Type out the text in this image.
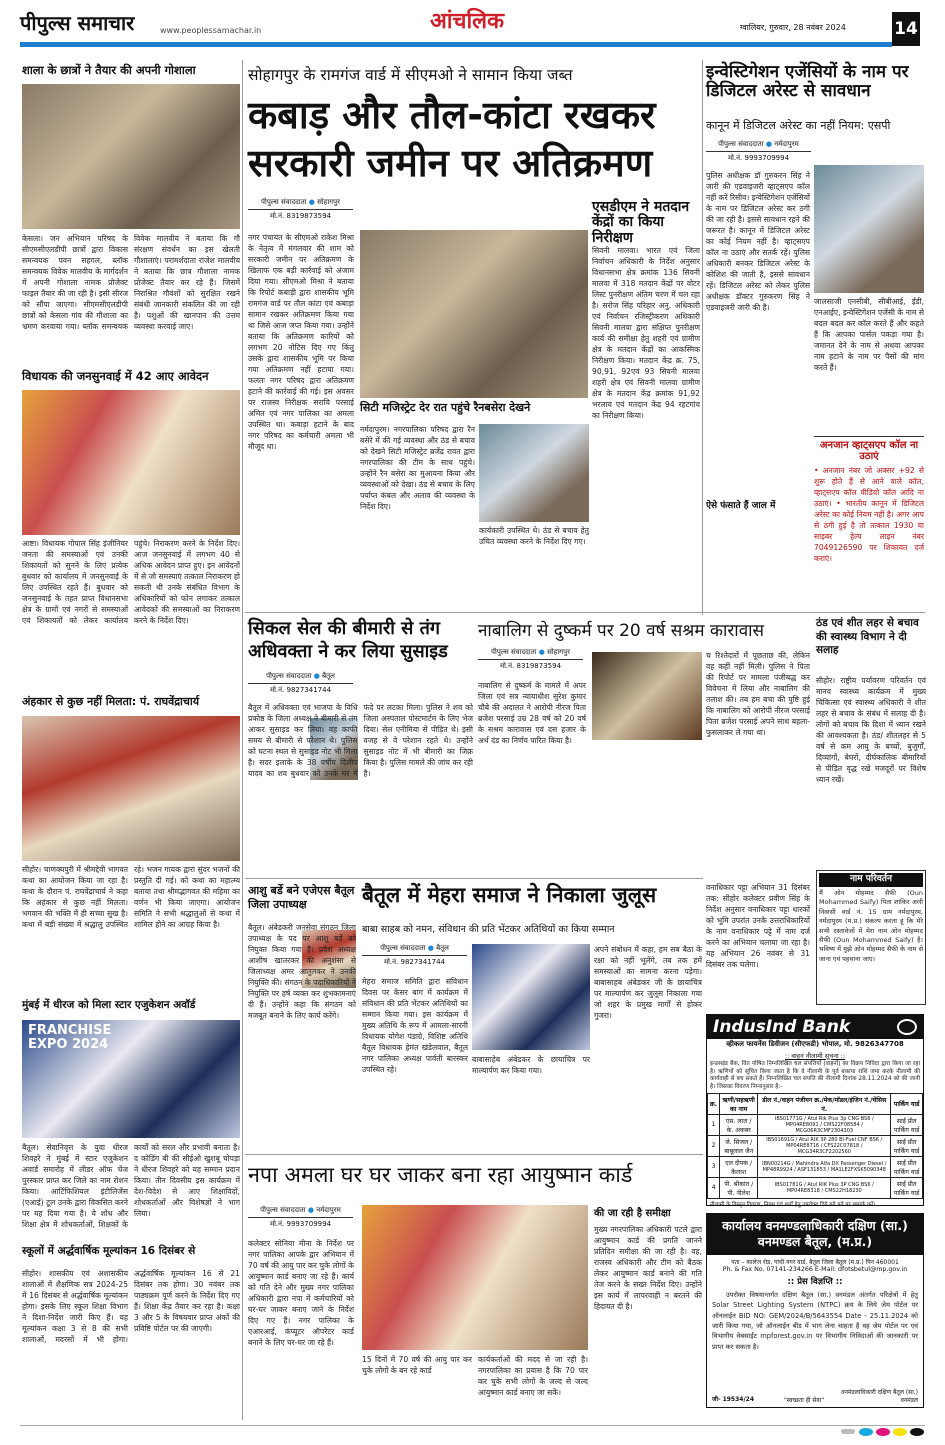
पीपुल्स समाचार	www.peoplessamachar.in	आंचलिक	ग्वालियर, गुरुवार, 28 नवंबर 2024	14
शाला के छात्रों ने तैयार की अपनी गोशाला
केसला। जन अभियान परिषद के सीएमसीएलडीपी छात्रों द्वारा विकास समन्वयक पवन सहगल, ब्लॉक समन्वयक विवेक मालवीय के मार्गदर्शन में अपनी गोशाला नामक प्रोजेक्ट फाइल तैयार की जा रही है। इसी सीरज को सौंपा जाएगा। सीएमसीएलडीपी छात्रों को केसला गांव की गौशाला का भ्रमण करवाया गया। ब्लॉक समन्वयक विवेक मालवीय ने बताया कि गौ संरक्षण संवर्धन का इस खेलती गौशालाएं। परामर्शदाता राजेश मालवीय ने बताया कि छात्र गौशाला नामक प्रोजेक्ट तैयार कर रहे हैं। जिसमें निराश्रित गौवंशों को सुरक्षित रखने संबंधी जानकारी संकलित की जा रही है। पशुओं की खानपान की उत्तम व्यवस्था करवाई जाए।
विधायक की जनसुनवाई में 42 आए आवेदन
आष्टा। विधायक गोपाल सिंह इंजीनियर जनता की समस्याओं एवं उनकी शिकायतों को सुनने के लिए प्रत्येक बुधवार को कार्यालय में जनसुनवाई के लिए उपस्थित रहते हैं। बुधवार को जनसुनवाई के तहत प्राप्त विधानसभा क्षेत्र के ग्रामों एवं नगरों से समस्याओं एवं शिकायतों को लेकर कार्यालय पहुंचे। निराकरण करने के निर्देश दिए। आज जनसुनवाई में लगभग 40 से अधिक आवेदन प्राप्त हुए। इन आवेदनों में से जो समस्याएं तत्काल निराकरण हो सकती थी उनके संबंधित विभाग के अधिकारियों को फोन लगाकर तत्काल आवेदकों की समस्याओं का निराकरण करने के निर्देश दिए।
अंहकार से कुछ नहीं मिलता: पं. राघवेंद्राचार्य
सीहोर। चाणक्यपुरी में श्रीमद्देवी भागवत कथा का आयोजन किया जा रहा है। कथा के दौरान पं. राघवेंद्राचार्य ने कहा कि अहंकार से कुछ नहीं मिलता। भगवान की भक्ति में ही सच्चा सुख है। कथा में बड़ी संख्या में श्रद्धालु उपस्थित रहे। भजन गायक द्वारा सुंदर भजनों की प्रस्तुति दी गई। को कथा का महात्म्य बताया तथा श्रीमद्भागवत की महिमा का वर्णन भी किया जाएगा। आयोजन समिति ने सभी श्रद्धालुओं से कथा में शामिल होने का आग्रह किया है।
मुंबई में धीरज को मिला स्टार एजुकेशन अवॉर्ड
FRANCHISE EXPO 2024
बैतूल। सेवानिवृत्त के युवा धीरज शिवहरे ने मुंबई में स्टार एजुकेशन अवार्ड समारोह में लीडर ऑफ चेंज पुरस्कार प्राप्त कर जिले का नाम रोशन किया। आर्टिफिशियल इंटीलिजेंस (एआई) टूल उनके द्वारा विकसित करने पर यह दिया गया है। ये शोध और शिक्षा क्षेत्र में शोधकर्ताओं, शिक्षकों के कार्यों को सरल और प्रभावी बनाता है। द कोडिंग बी की सीईओ खुशबू चोपड़ा ने धीरज शिवहरे को यह सम्मान प्रदान किया। तीन दिवसीय इस कार्यक्रम में देश-विदेश से आए शिक्षाविदों, शोधकर्ताओं और विशेषज्ञों ने भाग लिया।
स्कूलों में अर्द्धवार्षिक मूल्यांकन 16 दिसंबर से
सीहोर। शासकीय एवं अशासकीय शालाओं में शैक्षणिक सत्र 2024-25 में 16 दिसंबर से अर्द्धवार्षिक मूल्यांकन होगा। इसके लिए स्कूल शिक्षा विभाग ने दिशा-निर्देश जारी किए हैं। यह मूल्यांकन कक्षा 3 से 8 की सभी शालाओं, मदरसों में भी होगा। अर्द्धवार्षिक मूल्यांकन 16 से 21 दिसंबर तक होगा। 30 नवंबर तक पाठ्यक्रम पूर्ण करने के निर्देश दिए गए हैं। शिक्षा केंद्र तैयार कर रहा है। कक्षा 3 और 5 के विषयवार प्राप्त अंकों की प्रविष्टि पोर्टल पर की जाएगी।
सोहागपुर के रामगंज वार्ड में सीएमओ ने सामान किया जब्त
कबाड़ और तौल-कांटा रखकर सरकारी जमीन पर अतिक्रमण
पीपुल्स संवाददाता ● सोहागपुर
मो.नं. 8319873594
नगर पंचायत के सीएमओ राकेश मिश्रा के नेतृत्व में मंगलवार की शाम को सरकारी जमीन पर अतिक्रमण के खिलाफ एक बड़ी कार्रवाई को अंजाम दिया गया। सीएमओ मिश्रा ने बताया कि रिपोर्ट कबाड़ी द्वारा शासकीय भूमि रामगंज वार्ड पर तौल कांटा एवं कबाड़ा सामान रखकर अतिक्रमण किया गया था जिसे आज जप्त किया गया। उन्होंने बताया कि अतिक्रमण कारियों को लगभग 20 नोटिस दिए गए किंतु उसके द्वारा शासकीय भूमि पर किया गया अतिक्रमण नहीं हटाया गया। फलतः नगर परिषद द्वारा अतिक्रमण हटाने की कार्रवाई की गई। इस अवसर पर राजस्व निरीक्षक सरायि परसाई अमित एवं नगर पालिका का अमला उपस्थित था। कबाड़ा हटाने के बाद नगर परिषद का कर्मचारी अमला भी मौजूद था।
एसडीएम ने मतदान केंद्रों का किया निरीक्षण
सिवनी मालवा। भारत एवं जिला निर्वाचन अधिकारी के निर्देश अनुसार विधानसभा क्षेत्र क्रमांक 136 सिवनी मालवा में 318 मतदान केंद्रों पर वोटर लिस्ट पुनरीक्षण अंतिम चरण में चल रहा है। सरोज सिंह परिहार अनु. अधिकारी एवं निर्वाचन रजिस्ट्रीकरण अधिकारी सिवनी मालवा द्वारा संक्षिप्त पुनरीक्षण कार्य की समीक्षा हेतु शहरी एवं ग्रामीण क्षेत्र के मतदान केंद्रों का आकस्मिक निरीक्षण किया। मतदान केंद्र क्र. 75, 90,91, 92एवं 93 सिवनी मालवा शहरी क्षेत्र एवं सिवनी मालवा ग्रामीण क्षेत्र के मतदान केंद्र क्रमांक 91,92 भरलाय एवं मतदान केंद्र 94 रहटगांव का निरीक्षण किया।
सिटी मजिस्ट्रेट देर रात पहुंचे रैनबसेरा देखने
नर्मदापुरम। नगरपालिका परिषद द्वारा रैन बसेरे में की गई व्यवस्था और ठंड से बचाव को देखने सिटी मजिस्ट्रेट ब्रजेंद्र रावत द्वारा नगरपालिका की टीम के साथ पहुंचे। उन्होंने रैन बसेरा का मुआयना किया और व्यवस्थाओं को देखा। ठंड से बचाव के लिए पर्याप्त कंबल और अलाव की व्यवस्था के निर्देश दिए।
कार्यकारी उपस्थित थे। ठंड से बचाव हेतु उचित व्यवस्था करने के निर्देश दिए गए।
इन्वेस्टिगेशन एजेंसियों के नाम पर डिजिटल अरेस्ट से सावधान
कानून में डिजिटल अरेस्ट का नहीं नियम: एसपी
पीपुल्स संवाददाता ● नर्मदापुरम
मो.नं. 9993709994
पुलिस अधीक्षक डॉ गुरुकरन सिंह ने जारी की एडवाइजरी व्हाट्सएप कॉल नहीं करें रिसीव। इन्वेस्टिगेशन एजेंसियों के नाम पर डिजिटल अरेस्ट कर ठगी की जा रही है। इससे सावधान रहने की जरूरत है। कानून में डिजिटल अरेस्ट का कोई नियम नहीं है। व्हाट्सएप कॉल ना उठाएं और सतर्क रहें। पुलिस अधिकारी बनकर डिजिटल अरेस्ट के कोशिश की जाती है, इससे सावधान रहें। डिजिटल अरेस्ट को लेकर पुलिस अधीक्षक डॉक्टर गुरुकरण सिंह ने एडवाइजरी जारी की है।
ऐसे फंसाते हैं जाल में
जालसाजी एनसीबी, सीबीआई, ईडी, एनआईए, इन्वेस्टिगेशन एजेंसी के नाम से बदल बदल कर कॉल करते हैं और कहते हैं कि आपका पार्सल पकड़ा गया है। जमानत देने के नाम से अथवा आपका नाम हटाने के नाम पर पैसों की मांग करते हैं।
अनजान व्हाट्सएप कॉल ना उठाएं
• अनजान नंबर जो अक्सर +92 से शुरू होते हैं से आने वाले कॉल, व्हाट्सएप कॉल वीडियो कॉल आदि ना उठाएं। • भारतीय कानून में डिजिटल अरेस्ट का कोई नियम नहीं है। अगर आप से ठगी हुई है तो तत्काल 1930 या साइबर हेल्प लाइन नंबर 7049126590 पर शिकायत दर्ज कराएं।
सिकल सेल की बीमारी से तंग अधिवक्ता ने कर लिया सुसाइड
पीपुल्स संवाददाता ● बैतूल
मो.नं. 9827341744
बैतूल में अधिवक्ता एवं भाजपा के विधि प्रकोष्ठ के जिला अध्यक्ष ने बीमारी से तंग आकर सुसाइड कर लिया। वह काफी समय से बीमारी से परेशान थे। पुलिस को घटना स्थल से सुसाइड नोट भी मिला है। सदर इलाके के 38 वर्षीय दिलीप यादव का शव बुधवार को उनके घर में फंदे पर लटका मिला। पुलिस ने शव को जिला अस्पताल पोस्टमार्टम के लिए भेज दिया। सेल एनीमिया से पीड़ित थे। इसी वजह से वे परेशान रहते थे। उन्होंने सुसाइड नोट में भी बीमारी का जिक्र किया है। पुलिस मामले की जांच कर रही है।
नाबालिग से दुष्कर्म पर 20 वर्ष सश्रम कारावास
पीपुल्स संवाददाता ● सोहागपुर
मो.नं. 8319873594
नाबालिग से दुष्कर्म के मामले में अपर जिला एवं सत्र न्यायाधीश सुरेश कुमार चौबे की अदालत ने आरोपी नीरज पिता ब्रजेश परसाई उम्र 28 वर्ष को 20 वर्ष के सश्रम कारावास एवं दस हजार के अर्थ दंड का निर्णय पारित किया है।
च रिश्तेदारों में पूछताछ की, लेकिन वह कहीं नहीं मिली। पुलिस ने पिता की रिपोर्ट पर मामला पंजीबद्ध कर विवेचना में लिया और नाबालिग की तलाश की। तब हम बचा की पुष्टि हुई कि नाबालिग को आरोपी नीरज परसाई पिता ब्रजेश परसाई अपने साथ बहला-फुसलाकर ले गया था।
ठंड एवं शीत लहर से बचाव की स्वास्थ्य विभाग ने दी सलाह
सीहोर। राष्ट्रीय पर्यावरण परिवर्तन एवं मानव स्वास्थ्य कार्यक्रम में मुख्य चिकित्सा एवं स्वास्थ्य अधिकारी ने शीत लहर से बचाव के संबंध में सलाह दी है। लोगों को बचाव कि दिशा में ध्यान रखने की आवश्यकता है। ठंड/ शीतलहर से 5 वर्ष से कम आयु के बच्चों, बुजुर्गों, दिव्यांगों, बेघरों, दीर्घकालिक बीमारियों से पीड़ित वृद्ध रखे मजदूरों पर विशेष ध्यान रखें।
नाम परिवर्तन
मैं ओन मोहम्मद सैफी (Oun Mohammed Saify) पिता शाकिर अली निवासी वार्ड नं. 15 ग्राम नर्मदापुरम, नर्मदापुरम (म.प्र.) संकल्प करता हूं कि मेरे सभी दस्तावेजों में मेरा नाम ओन मोहम्मद सैफी (Oun Mohammed Saify) है। भविष्य में मुझे ओन मोहम्मद सैफी के नाम से जाना एवं पहचाना जाए।
वनाधिकार पट्टा अभियान 31 दिसंबर तक: सीहोर कलेक्टर प्रवीण सिंह के निर्देश अनुसार वनाधिकार पट्टा धारकों को भूमि उपरांत उनके उत्तराधिकारियों के नाम वनाधिकार पट्टे में नाम दर्ज करने का अभियान चलाया जा रहा है। यह अभियान 26 नवंबर से 31 दिसंबर तक चलेगा।
आशु बर्डे बने एजेएस बैतूल जिला उपाध्यक्ष
बैतूल। अंबेडकरी जनसेवा संगठन जिला उपाध्यक्ष के पद पर आशु बर्डे को नियुक्त किया गया है। प्रदेश अध्यक्ष आशीष खातरकर की अनुशंसा से जिलाध्यक्ष अमर आतुलकर ने उनकी नियुक्ति की। संगठन के पदाधिकारियों ने नियुक्ति पर हर्ष व्यक्त कर शुभकामनाएं दी हैं। उन्होंने कहा कि संगठन को मजबूत बनाने के लिए कार्य करेंगे।
बैतूल में मेहरा समाज ने निकाला जुलूस
बाबा साहब को नमन, संविधान की प्रति भेंटकर अतिथियों का किया सम्मान
पीपुल्स संवाददाता ● बैतूल
मो.नं. 9827341744
मेहरा समाज समिति द्वारा संविधान दिवस पर केसर बाग में कार्यक्रम में संविधान की प्रति भेंटकर अतिथियों का सम्मान किया गया। इस कार्यक्रम में मुख्य अतिथि के रूप में आमला-सारनी विधायक योगेश पंडाग्रे, विशिष्ट अतिथि बैतूल विधायक हेमंत खंडेलवाल, बैतूल नगर पालिका अध्यक्ष पार्वती बारस्कर उपस्थित रहे।
बाबासाहेब अंबेडकर के छायाचित्र पर माल्यार्पण कर किया गया।
अपने संबोधन में कहा, हम सब बैठा के रक्षा को नहीं भूलेंगे, तब तक हमें समस्याओं का सामना करना पड़ेगा। बाबासाहब अंबेडकर जी के छायाचित्र पर माल्यार्पण कर जुलूस निकाला गया जो शहर के प्रमुख मार्गों से होकर गुजरा।
IndusInd Bank
व्हीकल फायनेंस डिवीजन (सीएफडी) भोपाल, मो. 9826347708
:: वाहन नीलामी सूचना ::
इन्डसइंड बैंक, वित पोषित निम्नलिखित चल संपत्तियों (वाहनों) का विक्रय निविदा द्वारा किया जा रहा है। ऋणियों को सूचित किया जाता है कि वे नीलामी के पूर्व बकाया राशि जमा करके नीलामी की कार्यवाही से बच सकते हैं। निम्नलिखित चल संपत्ति की नीलामी दिनांक 28.11.2024 को की जानी है। जिसका विवरण निम्नानुसार है:-
क्र.	ऋणी/सहऋणी का नाम	डील नं./वाहन पंजीयन क्र./मेक/मॉडल/इंजिन नं./चेसिस नं.	पार्किंग यार्ड
1	एस. लाल / के. अकबर	IBS01771G / Atul Rik Plus 3p CNG BS6 / MP04RE8091 / CMS22F08584 / MCG06R3CMF2304303	साईं प्रीत पार्किंग यार्ड
2	जे. सिजल / बाबूलाल जैन	IBS01691G / Atul RIK 3P 280 Bi-Fuel CNF BS6 / MP04RE8716 / CFS22C07818 / MCG34R3CF2202560	साईं प्रीत पार्किंग यार्ड
3	एल दीपक / कैलाश	IBN00214G / Mahindra Alfa DX Passenger Diesel / MP48R9924 / ASF131853 / MA1LE2FXSK5090348	साईं प्रीत पार्किंग यार्ड
4	पी. श्रीकांत / पी. नीलेश	IBS01781G / Atul RIK Plus 3P CNG BS6 / MP04RE8318 / CMS22H18230	साईं प्रीत पार्किंग यार्ड
नीलामी के विस्तृत विवरण, नियम एवं शर्तों हेतु उपरोक्त दिये गये पते पर सम्पर्क करें।
कार्यालय वनमण्डलाधिकारी दक्षिण (सा.) वनमण्डल बैतूल, (म.प्र.)
पता – कालेज रोड, गांधी नगर वार्ड, बैतूल जिला बैतूल (म.प्र.) पिन 460001
Ph. & Fax No. 07141-234266 E-Mail: dfotsbetul@mp.gov.in
:: प्रेस विज्ञप्ति ::
उपरोक्त विषयान्तर्गत दक्षिण बैतूल (सा.) वनमंडल अंतर्गत परिक्षेत्रों में हेतु Solar Street Lighting System (NTPC) क्रय के लिये जेम पोर्टल पर ऑनलाईन BID NO: GEM/2024/B/5643554 Date - 25.11.2024 को जारी किया गया, जो ऑनलाईन बीड में भाग लेना चाहता है वह जेम पोर्टल पर एवं विभागीय वेबसाईट mpforest.gov.in पर विभागीय निविदाओं की जानकारी पर प्राप्त कर सकता है।
जी- 19534/24	"स्वच्छता ही सेवा"
वनमंडलाधिकारी दक्षिण बैतूल (सा.) वनमंडल
नपा अमला घर घर जाकर बना रहा आयुष्मान कार्ड
पीपुल्स संवाददाता ● नर्मदापुरम
मो.नं. 9993709994
कलेक्टर सोनिया मीना के निर्देश पर नगर पालिका आपके द्वार अभियान में 70 वर्ष की आयु पार कर चुके लोगों के आयुष्मान कार्ड बनाए जा रहे हैं। कार्य को गति देने और मुख्य नगर पालिका अधिकारी द्वारा नपा में कर्मचारियों को घर-घर जाकर बनाए जाने के निर्देश दिए गए हैं। नगर पालिका के एआरआई, कंप्यूटर ऑपरेटर कार्ड बनाने के लिए घर-घर जा रहे हैं।
15 दिनों में 70 वर्ष की आयु पार कर चुके लोगों के बन रहे कार्ड
कार्यकर्ताओं की मदद से जा रही है। नगरपालिका का प्रयास है कि 70 पार कर चुके सभी लोगों के जल्द से जल्द आयुष्मान कार्ड बनाए जा सकें।
की जा रही है समीक्षा
मुख्य नगरपालिका अधिकारी पटले द्वारा आयुष्मान कार्ड की प्रगति जानने प्रतिदिन समीक्षा की जा रही है। वह, राजस्व अधिकारी और टीम को बैठक लेकर आयुष्मान कार्ड बनाने की गति तेज करने के सख्त निर्देश दिए। उन्होंने इस कार्य में लापरवाही न बरतने की हिदायत दी है।
